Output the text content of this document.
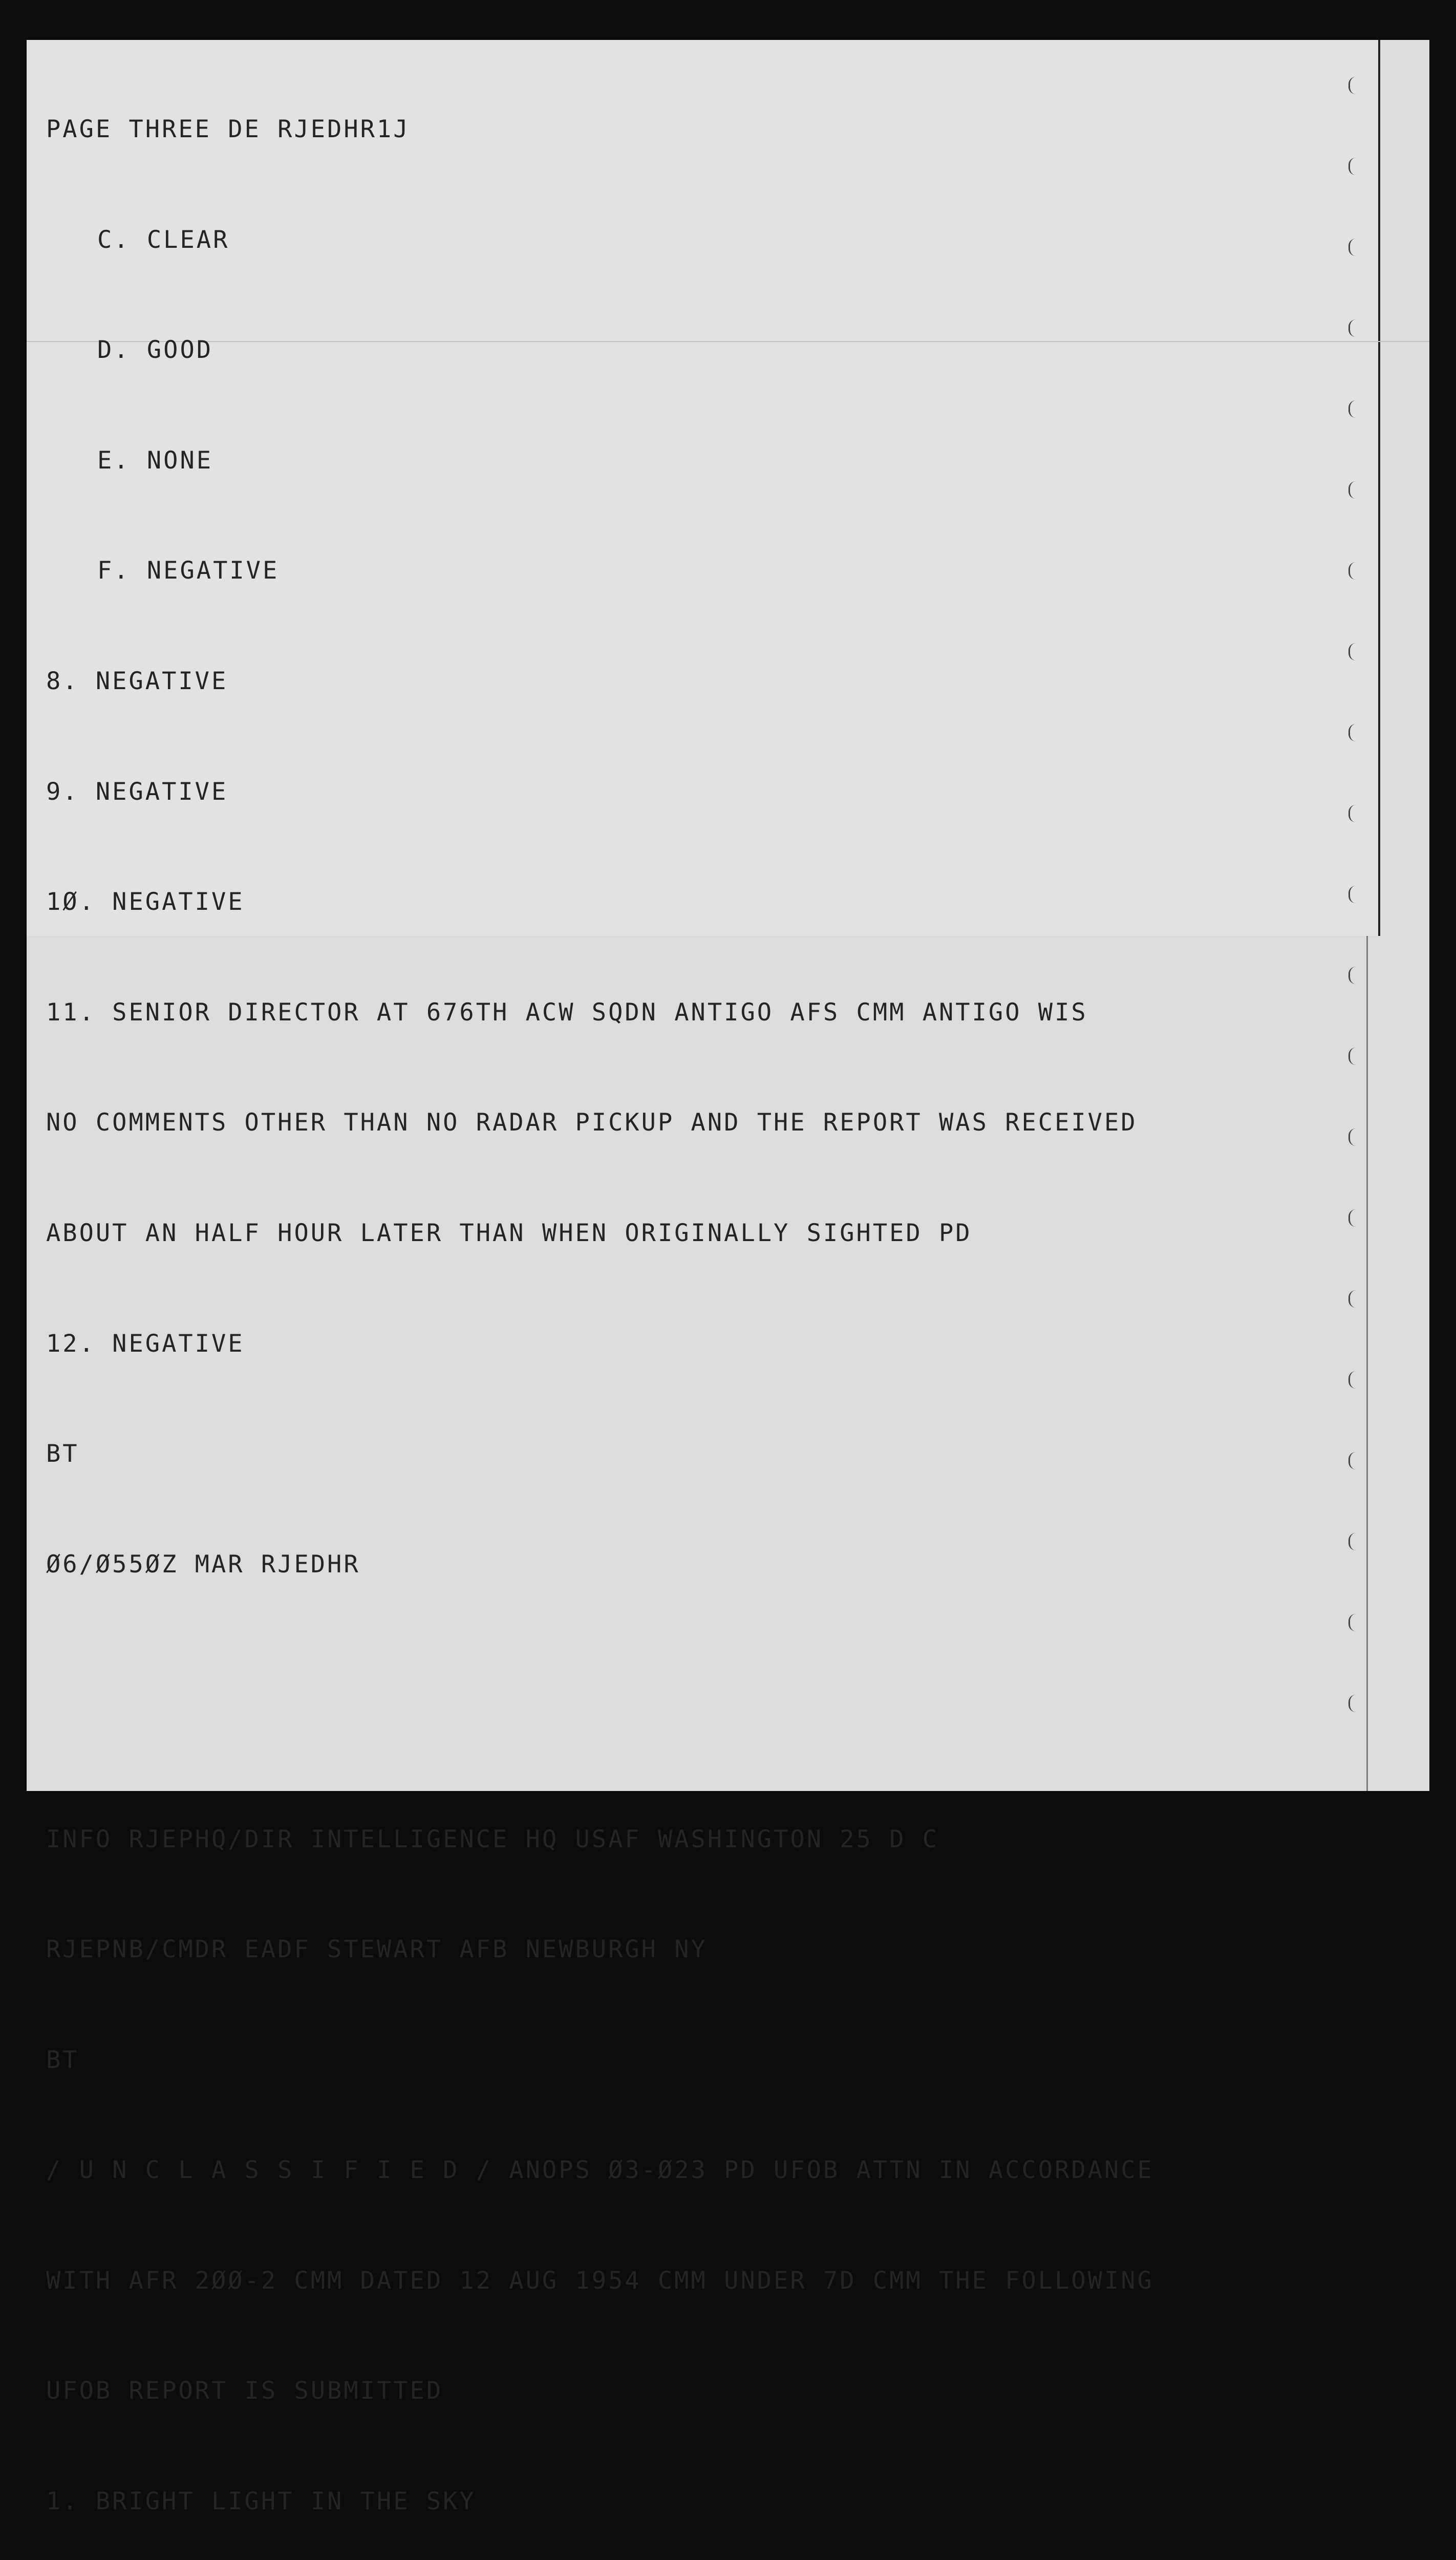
PAGE THREE DE RJEDHR1J

C. CLEAR

D. GOOD

E. NONE

F. NEGATIVE

8. NEGATIVE

9. NEGATIVE

1Ø. NEGATIVE

11. SENIOR DIRECTOR AT 676TH ACW SQDN ANTIGO AFS CMM ANTIGO WIS

NO COMMENTS OTHER THAN NO RADAR PICKUP AND THE REPORT WAS RECEIVED

ABOUT AN HALF HOUR LATER THAN WHEN ORIGINALLY SIGHTED PD

12. NEGATIVE

BT

Ø6/Ø55ØZ MAR RJEDHR

INFO RJEPHQ/DIR INTELLIGENCE HQ USAF WASHINGTON 25 D C

RJEPNB/CMDR EADF STEWART AFB NEWBURGH NY

BT

/ U N C L A S S I F I E D / ANOPS Ø3-Ø23 PD UFOB ATTN IN ACCORDANCE

WITH AFR 2ØØ-2 CMM DATED 12 AUG 1954 CMM UNDER 7D CMM THE FOLLOWING

UFOB REPORT IS SUBMITTED

1. BRIGHT LIGHT IN THE SKY
